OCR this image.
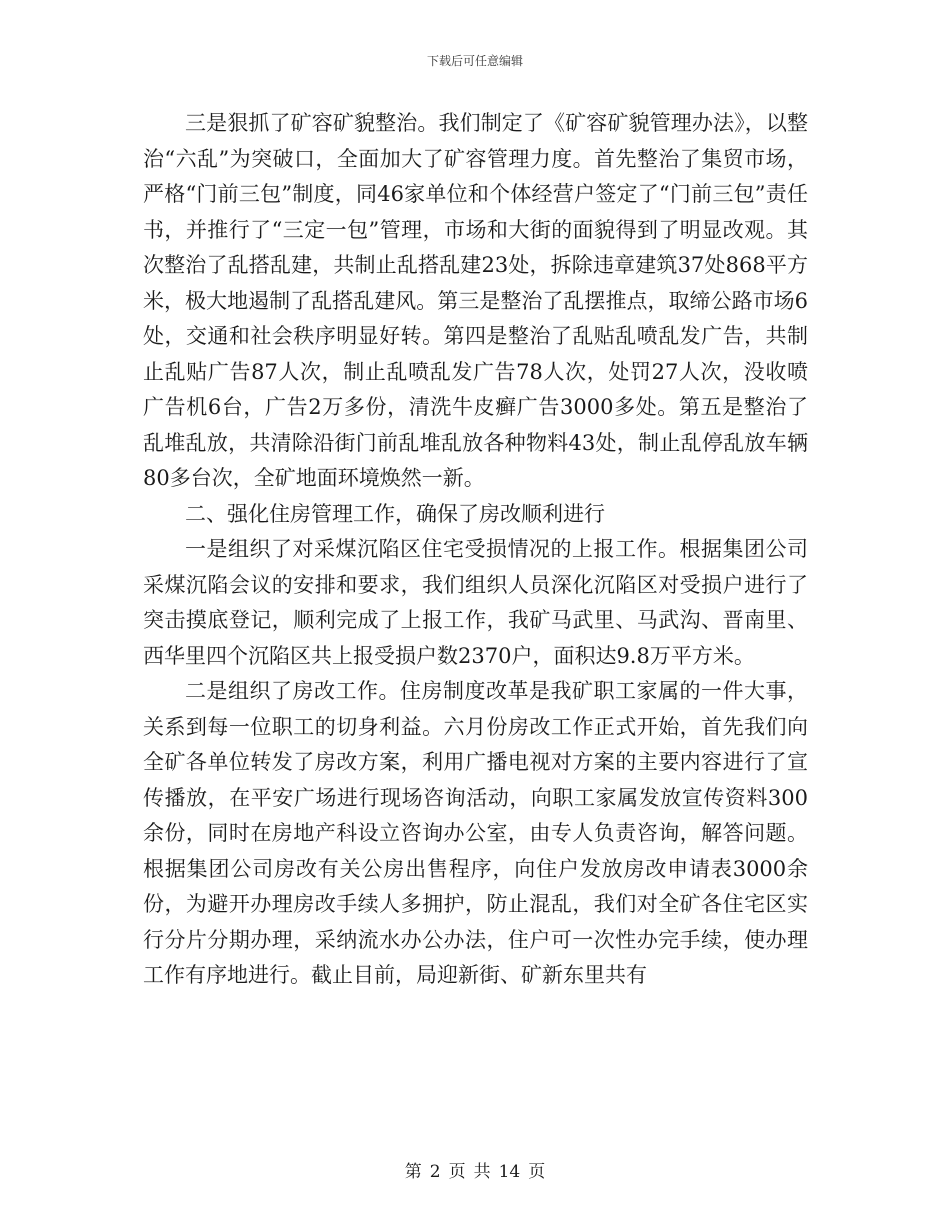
下载后可任意编辑

三是狠抓了矿容矿貌整治。我们制定了《矿容矿貌管理办法》，以整治“六乱”为突破口，全面加大了矿容管理力度。首先整治了集贸市场，严格“门前三包”制度，同46家单位和个体经营户签定了“门前三包”责任书，并推行了“三定一包”管理，市场和大街的面貌得到了明显改观。其次整治了乱搭乱建，共制止乱搭乱建23处，拆除违章建筑37处868平方米，极大地遏制了乱搭乱建风。第三是整治了乱摆推点，取缔公路市场6处，交通和社会秩序明显好转。第四是整治了乱贴乱喷乱发广告，共制止乱贴广告87人次，制止乱喷乱发广告78人次，处罚27人次，没收喷广告机6台，广告2万多份，清洗牛皮癣广告3000多处。第五是整治了乱堆乱放，共清除沿街门前乱堆乱放各种物料43处，制止乱停乱放车辆80多台次，全矿地面环境焕然一新。

二、强化住房管理工作，确保了房改顺利进行

一是组织了对采煤沉陷区住宅受损情况的上报工作。根据集团公司采煤沉陷会议的安排和要求，我们组织人员深化沉陷区对受损户进行了突击摸底登记，顺利完成了上报工作，我矿马武里、马武沟、晋南里、西华里四个沉陷区共上报受损户数2370户，面积达9.8万平方米。

二是组织了房改工作。住房制度改革是我矿职工家属的一件大事，关系到每一位职工的切身利益。六月份房改工作正式开始，首先我们向全矿各单位转发了房改方案，利用广播电视对方案的主要内容进行了宣传播放，在平安广场进行现场咨询活动，向职工家属发放宣传资料300余份，同时在房地产科设立咨询办公室，由专人负责咨询，解答问题。根据集团公司房改有关公房出售程序，向住户发放房改申请表3000余份，为避开办理房改手续人多拥护，防止混乱，我们对全矿各住宅区实行分片分期办理，采纳流水办公办法，住户可一次性办完手续，使办理工作有序地进行。截止目前，局迎新街、矿新东里共有

第 2 页 共 14 页
